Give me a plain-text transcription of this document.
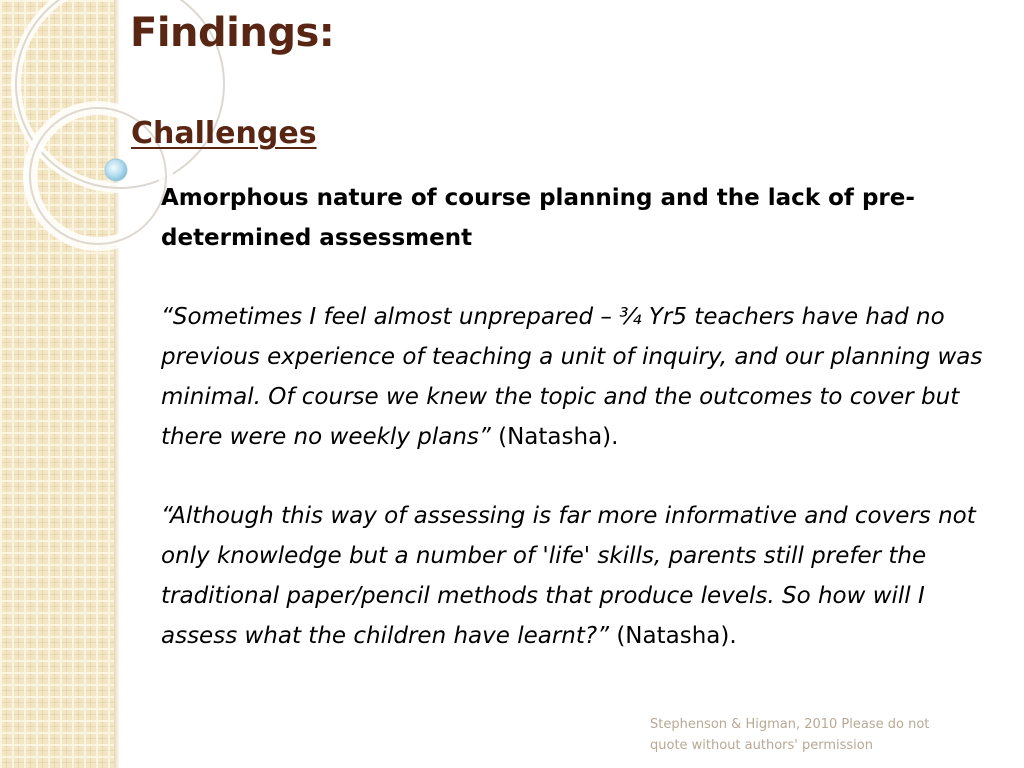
Findings:
Challenges

Amorphous nature of course planning and the lack of pre-determined assessment

“Sometimes I feel almost unprepared – ¾ Yr5 teachers have had no previous experience of teaching a unit of inquiry, and our planning was minimal. Of course we knew the topic and the outcomes to cover but there were no weekly plans” (Natasha).

“Although this way of assessing is far more informative and covers not only knowledge but a number of 'life' skills, parents still prefer the traditional paper/pencil methods that produce levels. So how will I assess what the children have learnt?” (Natasha).

Stephenson & Higman, 2010 Please do not quote without authors' permission
